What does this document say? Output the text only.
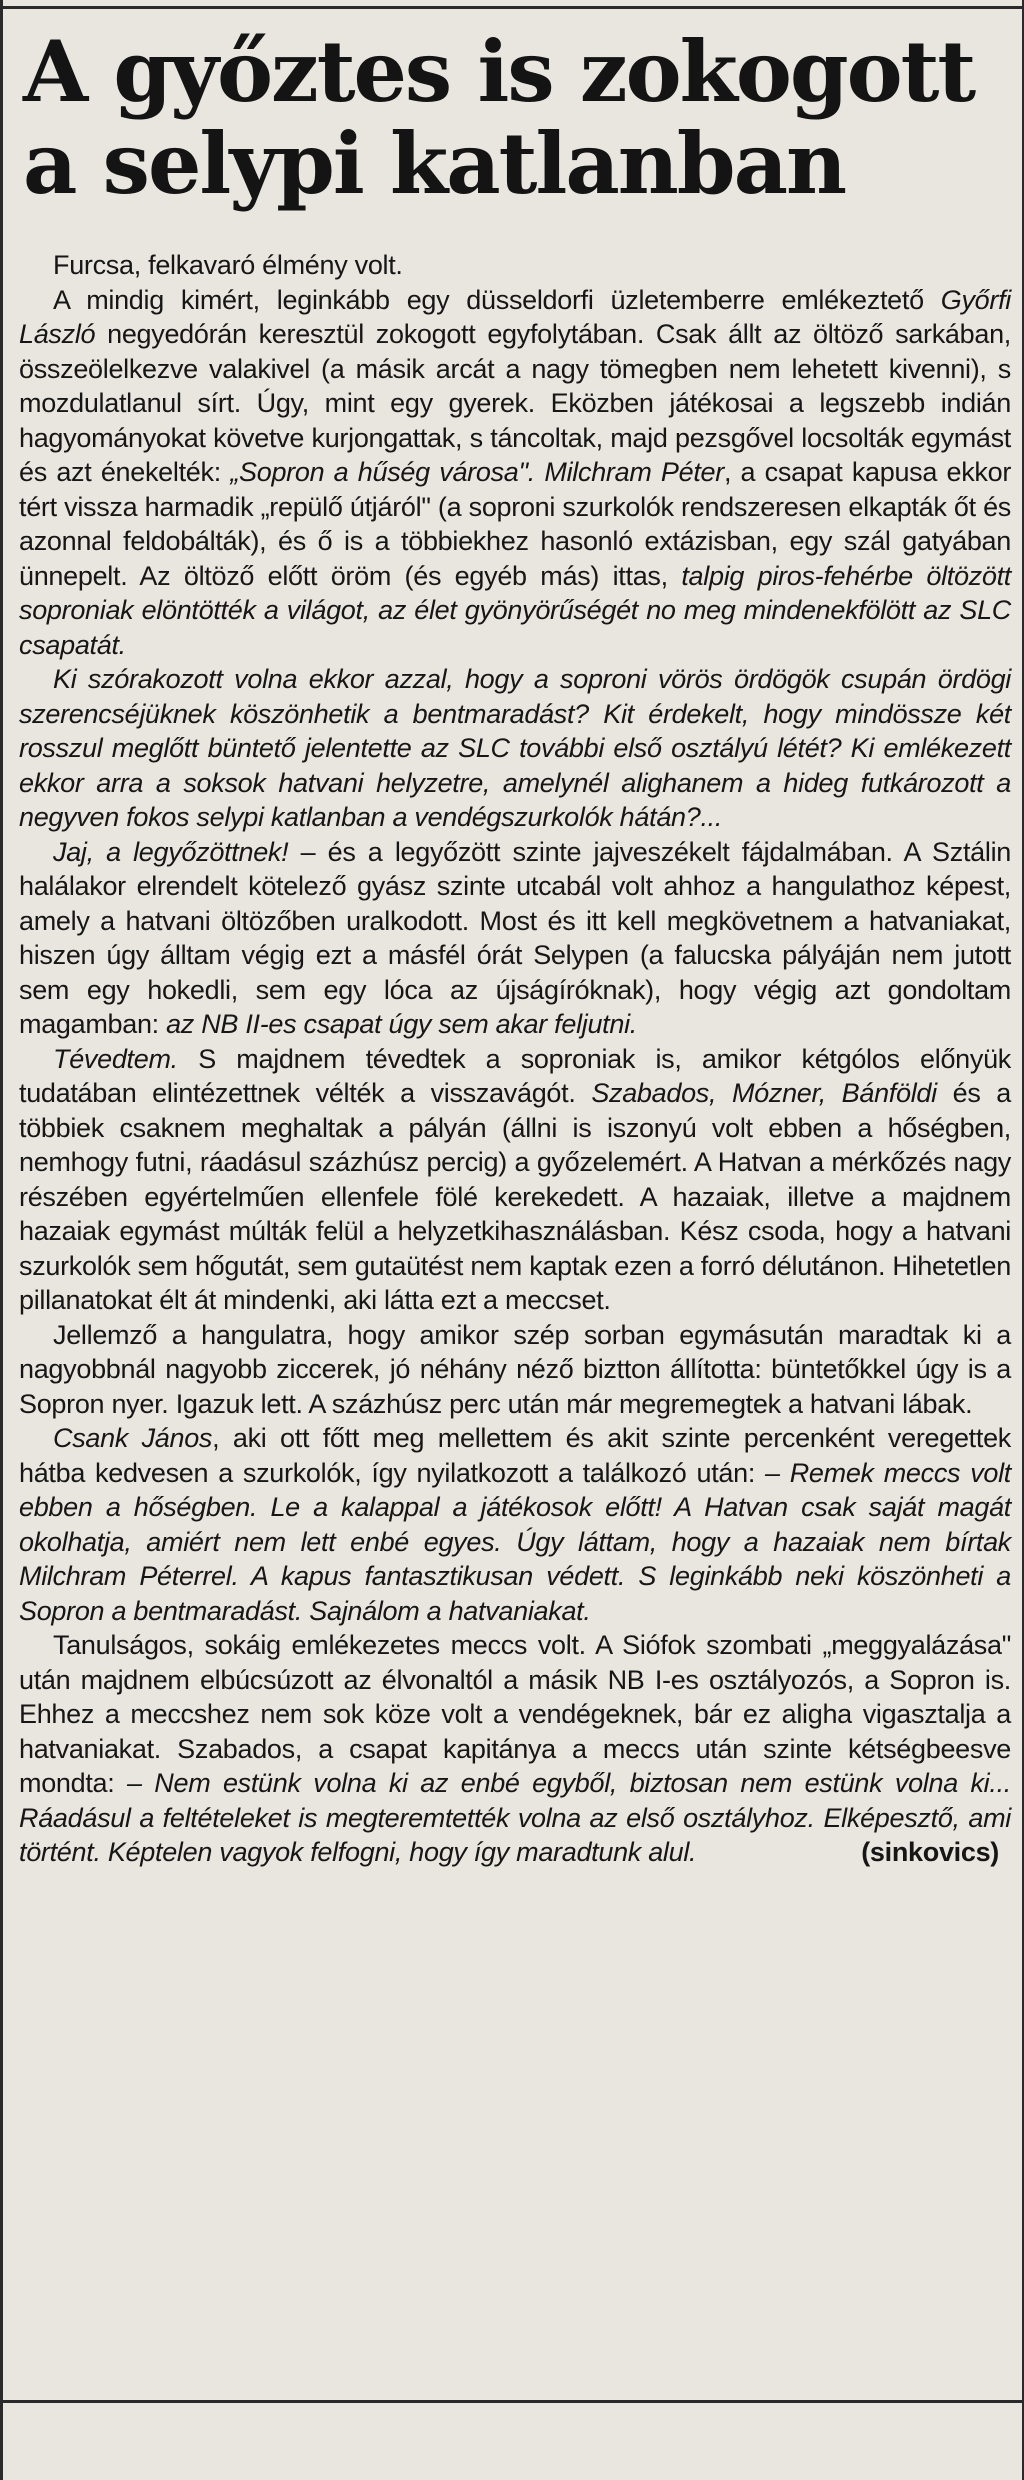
A győztes is zokogott a selypi katlanban

Furcsa, felkavaró élmény volt.

A mindig kimért, leginkább egy düsseldorfi üzletemberre emlékeztető Győrfi László negyedórán keresztül zokogott egyfolytában. Csak állt az öltöző sarkában, összeölelkezve valakivel (a másik arcát a nagy tömegben nem lehetett kivenni), s mozdulatlanul sírt. Úgy, mint egy gyerek. Eközben játékosai a legszebb indián hagyományokat követve kurjongattak, s táncoltak, majd pezsgővel locsolták egymást és azt énekelték: „Sopron a hűség városa". Milchram Péter, a csapat kapusa ekkor tért vissza harmadik „repülő útjáról" (a soproni szurkolók rendszeresen elkapták őt és azonnal feldobálták), és ő is a többiekhez hasonló extázisban, egy szál gatyában ünnepelt. Az öltöző előtt öröm (és egyéb más) ittas, talpig piros-fehérbe öltözött soproniak elöntötték a világot, az élet gyönyörűségét no meg mindenekfölött az SLC csapatát.

Ki szórakozott volna ekkor azzal, hogy a soproni vörös ördögök csupán ördögi szerencséjüknek köszönhetik a bentmaradást? Kit érdekelt, hogy mindössze két rosszul meglőtt büntető jelentette az SLC további első osztályú létét? Ki emlékezett ekkor arra a soksok hatvani helyzetre, amelynél alighanem a hideg futkározott a negyven fokos selypi katlanban a vendégszurkolók hátán?...

Jaj, a legyőzöttnek! – és a legyőzött szinte jajveszékelt fájdalmában. A Sztálin halálakor elrendelt kötelező gyász szinte utcabál volt ahhoz a hangulathoz képest, amely a hatvani öltözőben uralkodott. Most és itt kell megkövetnem a hatvaniakat, hiszen úgy álltam végig ezt a másfél órát Selypen (a falucska pályáján nem jutott sem egy hokedli, sem egy lóca az újságíróknak), hogy végig azt gondoltam magamban: az NB II-es csapat úgy sem akar feljutni.

Tévedtem. S majdnem tévedtek a soproniak is, amikor kétgólos előnyük tudatában elintézettnek vélték a visszavágót. Szabados, Mózner, Bánföldi és a többiek csaknem meghaltak a pályán (állni is iszonyú volt ebben a hőségben, nemhogy futni, ráadásul százhúsz percig) a győzelemért. A Hatvan a mérkőzés nagy részében egyértelműen ellenfele fölé kerekedett. A hazaiak, illetve a majdnem hazaiak egymást múlták felül a helyzetkihasználásban. Kész csoda, hogy a hatvani szurkolók sem hőgutát, sem gutaütést nem kaptak ezen a forró délutánon. Hihetetlen pillanatokat élt át mindenki, aki látta ezt a meccset.

Jellemző a hangulatra, hogy amikor szép sorban egymásután maradtak ki a nagyobbnál nagyobb ziccerek, jó néhány néző biztton állította: büntetőkkel úgy is a Sopron nyer. Igazuk lett. A százhúsz perc után már megremegtek a hatvani lábak.

Csank János, aki ott főtt meg mellettem és akit szinte percenként veregettek hátba kedvesen a szurkolók, így nyilatkozott a találkozó után: – Remek meccs volt ebben a hőségben. Le a kalappal a játékosok előtt! A Hatvan csak saját magát okolhatja, amiért nem lett enbé egyes. Úgy láttam, hogy a hazaiak nem bírtak Milchram Péterrel. A kapus fantasztikusan védett. S leginkább neki köszönheti a Sopron a bentmaradást. Sajnálom a hatvaniakat.

Tanulságos, sokáig emlékezetes meccs volt. A Siófok szombati „meggyalázása" után majdnem elbúcsúzott az élvonaltól a másik NB I-es osztályozós, a Sopron is. Ehhez a meccshez nem sok köze volt a vendégeknek, bár ez aligha vigasztalja a hatvaniakat. Szabados, a csapat kapitánya a meccs után szinte kétségbeesve mondta: – Nem estünk volna ki az enbé egyből, biztosan nem estünk volna ki... Ráadásul a feltételeket is megteremtették volna az első osztályhoz. Elképesztő, ami történt. Képtelen vagyok felfogni, hogy így maradtunk alul.	(sinkovics)
